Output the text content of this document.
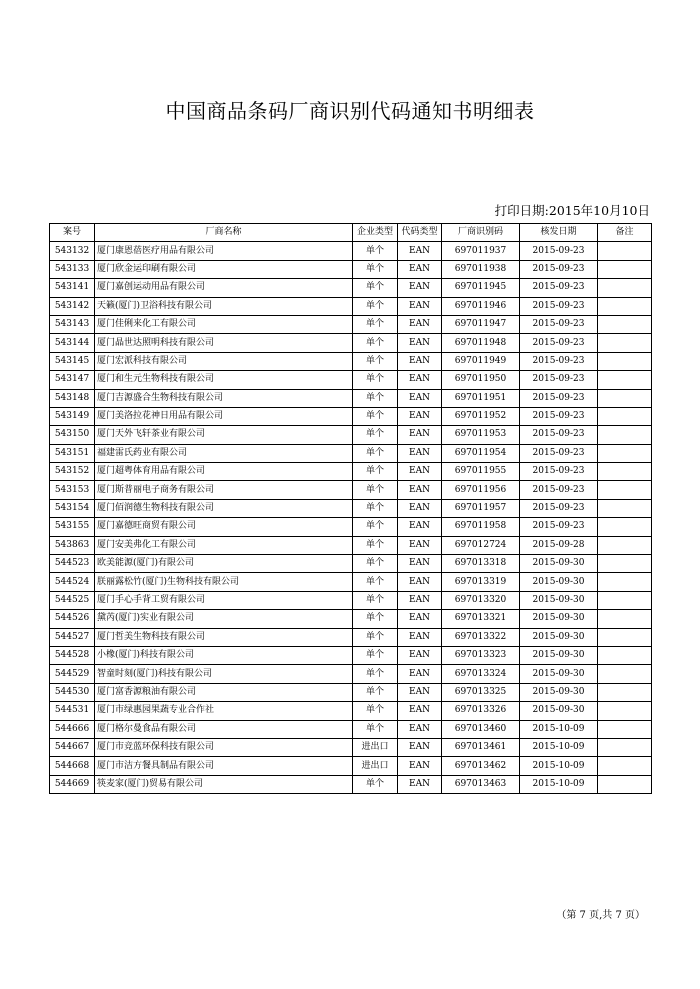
中国商品条码厂商识别代码通知书明细表
打印日期:2015年10月10日
案号	厂商名称	企业类型	代码类型	厂商识别码	核发日期	备注
543132	厦门康恩蓓医疗用品有限公司	单个	EAN	697011937	2015-09-23	
543133	厦门欣金运印刷有限公司	单个	EAN	697011938	2015-09-23	
543141	厦门嘉创运动用品有限公司	单个	EAN	697011945	2015-09-23	
543142	天籁(厦门)卫浴科技有限公司	单个	EAN	697011946	2015-09-23	
543143	厦门佳俐来化工有限公司	单个	EAN	697011947	2015-09-23	
543144	厦门晶世达照明科技有限公司	单个	EAN	697011948	2015-09-23	
543145	厦门宏派科技有限公司	单个	EAN	697011949	2015-09-23	
543147	厦门和生元生物科技有限公司	单个	EAN	697011950	2015-09-23	
543148	厦门吉源盛合生物科技有限公司	单个	EAN	697011951	2015-09-23	
543149	厦门美洛拉花神日用品有限公司	单个	EAN	697011952	2015-09-23	
543150	厦门天外飞轩茶业有限公司	单个	EAN	697011953	2015-09-23	
543151	福建雷氏药业有限公司	单个	EAN	697011954	2015-09-23	
543152	厦门超粤体育用品有限公司	单个	EAN	697011955	2015-09-23	
543153	厦门斯普丽电子商务有限公司	单个	EAN	697011956	2015-09-23	
543154	厦门佰润德生物科技有限公司	单个	EAN	697011957	2015-09-23	
543155	厦门嘉德旺商贸有限公司	单个	EAN	697011958	2015-09-23	
543863	厦门安美弗化工有限公司	单个	EAN	697012724	2015-09-28	
544523	欧美能源(厦门)有限公司	单个	EAN	697013318	2015-09-30	
544524	朕丽露松竹(厦门)生物科技有限公司	单个	EAN	697013319	2015-09-30	
544525	厦门手心手背工贸有限公司	单个	EAN	697013320	2015-09-30	
544526	黛芮(厦门)实业有限公司	单个	EAN	697013321	2015-09-30	
544527	厦门哲美生物科技有限公司	单个	EAN	697013322	2015-09-30	
544528	小橡(厦门)科技有限公司	单个	EAN	697013323	2015-09-30	
544529	智童时刻(厦门)科技有限公司	单个	EAN	697013324	2015-09-30	
544530	厦门富香源粮油有限公司	单个	EAN	697013325	2015-09-30	
544531	厦门市绿惠园果蔬专业合作社	单个	EAN	697013326	2015-09-30	
544666	厦门格尔曼食品有限公司	单个	EAN	697013460	2015-10-09	
544667	厦门市竞蓝环保科技有限公司	进出口	EAN	697013461	2015-10-09	
544668	厦门市洁方餐具制品有限公司	进出口	EAN	697013462	2015-10-09	
544669	筷麦家(厦门)贸易有限公司	单个	EAN	697013463	2015-10-09	
（第 7 页,共 7 页）
